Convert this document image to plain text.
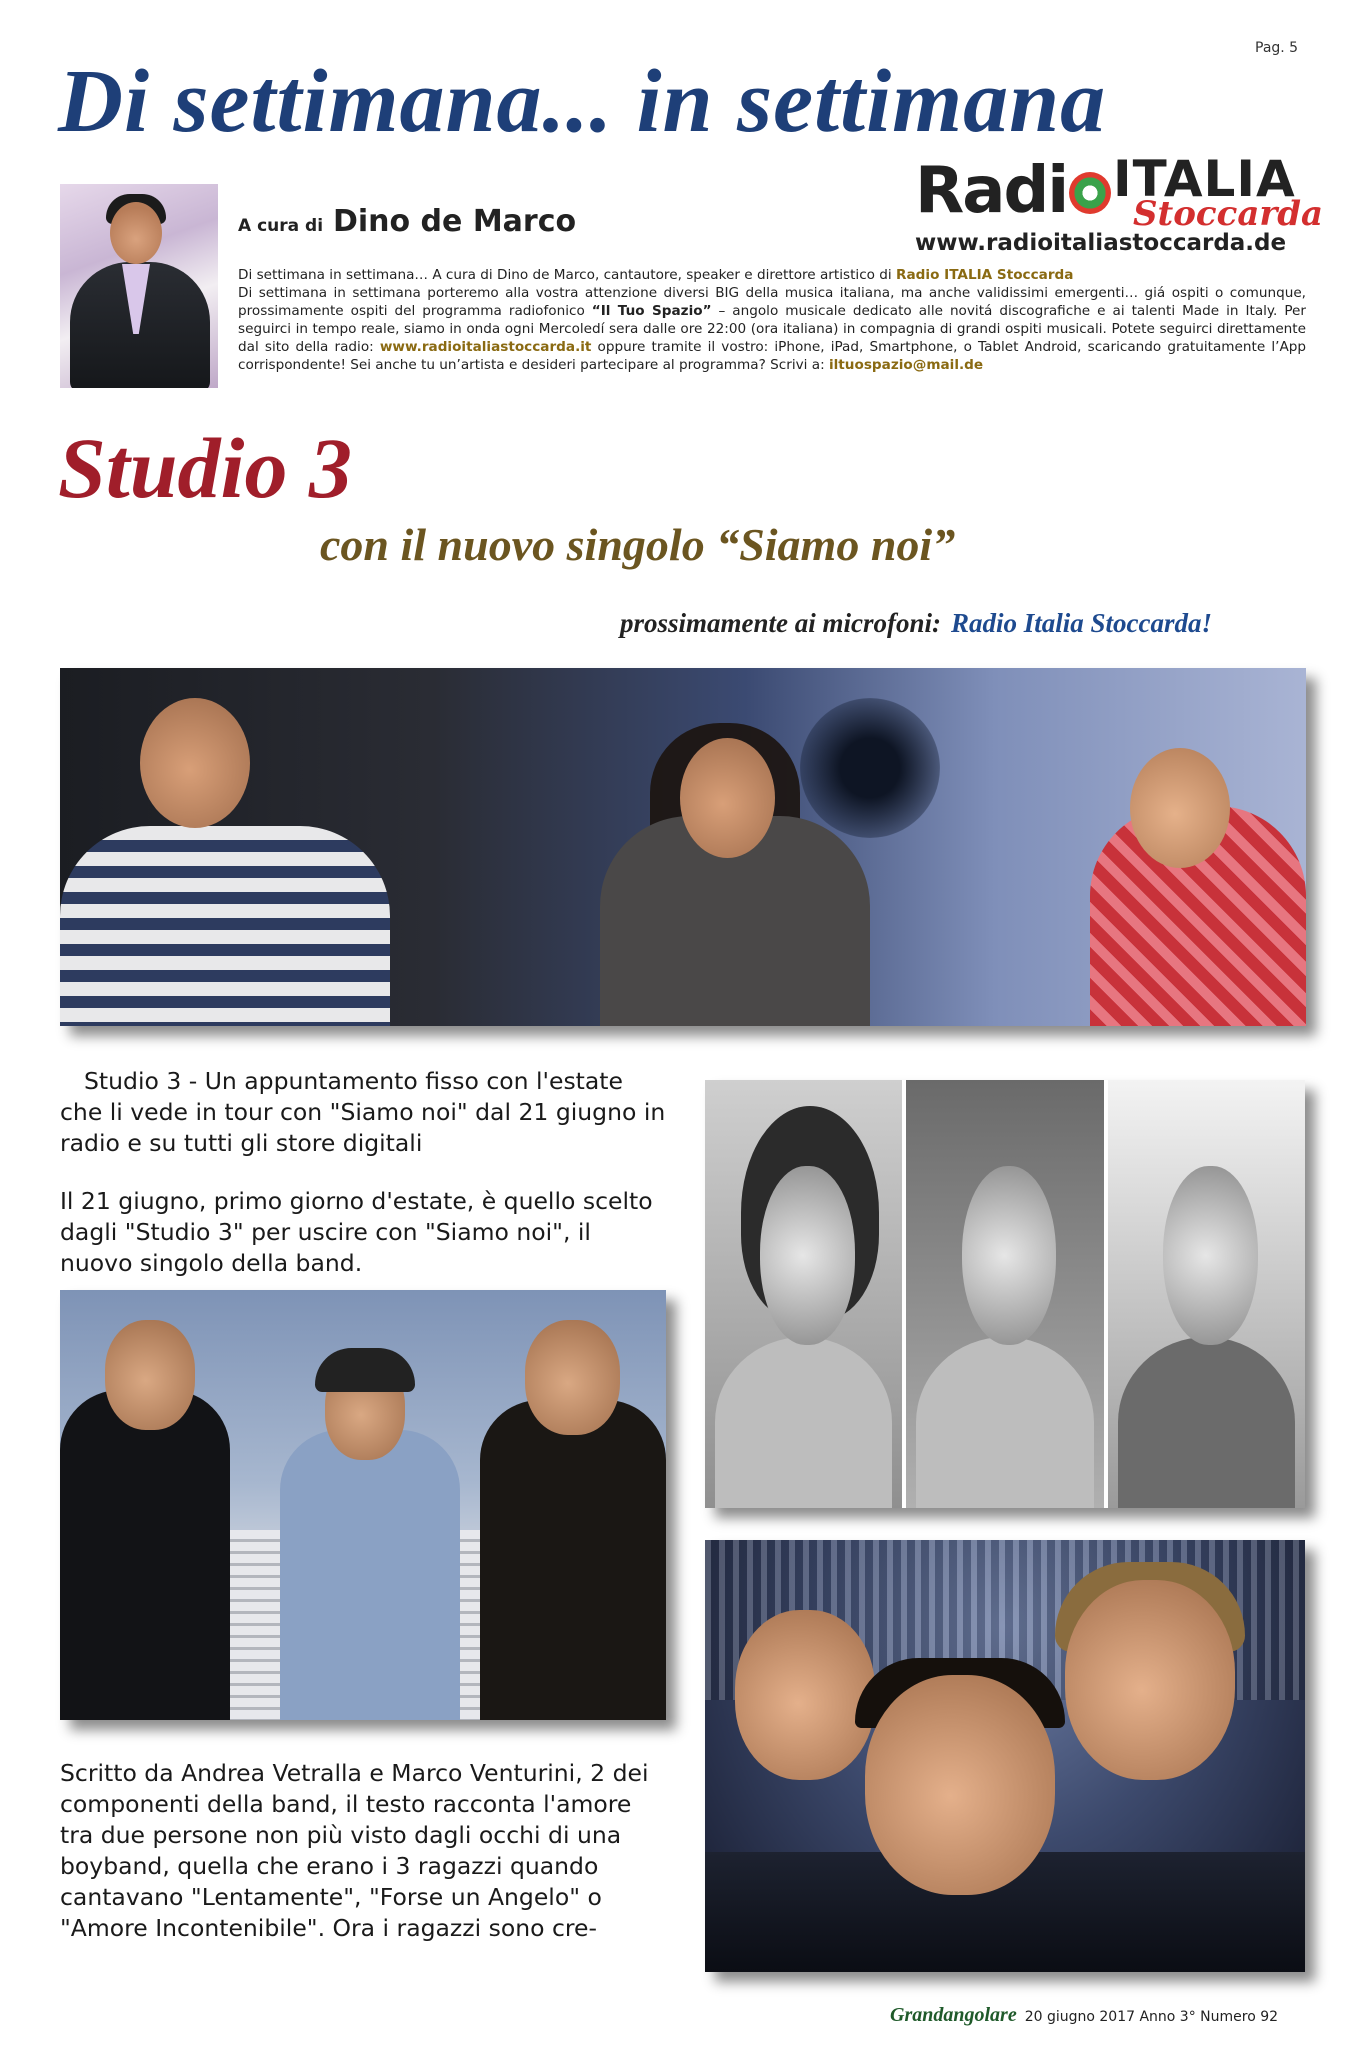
Pag. 5
Di settimana... in settimana
A cura di Dino de Marco	Radi ITALIA
Stoccarda
www.radioitaliastoccarda.de
Di settimana in settimana… A cura di Dino de Marco, cantautore, speaker e direttore artistico di Radio ITALIA Stoccarda
Di settimana in settimana porteremo alla vostra attenzione diversi BIG della musica italiana, ma anche validissimi emergenti… giá ospiti o comunque, prossimamente ospiti del programma radiofonico “Il Tuo Spazio” – angolo musicale dedicato alle novitá discografiche e ai talenti Made in Italy. Per seguirci in tempo reale, siamo in onda ogni Mercoledí sera dalle ore 22:00 (ora italiana) in compagnia di grandi ospiti musicali. Potete seguirci direttamente dal sito della radio: www.radioitaliastoccarda.it oppure tramite il vostro: iPhone, iPad, Smartphone, o Tablet Android, scaricando gratuitamente l’App corrispondente! Sei anche tu un’artista e desideri partecipare al programma? Scrivi a: iltuospazio@mail.de
Studio 3
con il nuovo singolo “Siamo noi”
prossimamente ai microfoni: Radio Italia Stoccarda!

Studio 3 - Un appuntamento fisso con l'estate che li vede in tour con "Siamo noi" dal 21 giugno in radio e su tutti gli store digitali

Il 21 giugno, primo giorno d'estate, è quello scelto dagli "Studio 3" per uscire con "Siamo noi", il nuovo singolo della band.

Scritto da Andrea Vetralla e Marco Venturini, 2 dei componenti della band, il testo racconta l'amore tra due persone non più visto dagli occhi di una boyband, quella che erano i 3 ragazzi quando cantavano "Lentamente", "Forse un Angelo" o "Amore Incontenibile". Ora i ragazzi sono cre-

Grandangolare 20 giugno 2017 Anno 3° Numero 92
